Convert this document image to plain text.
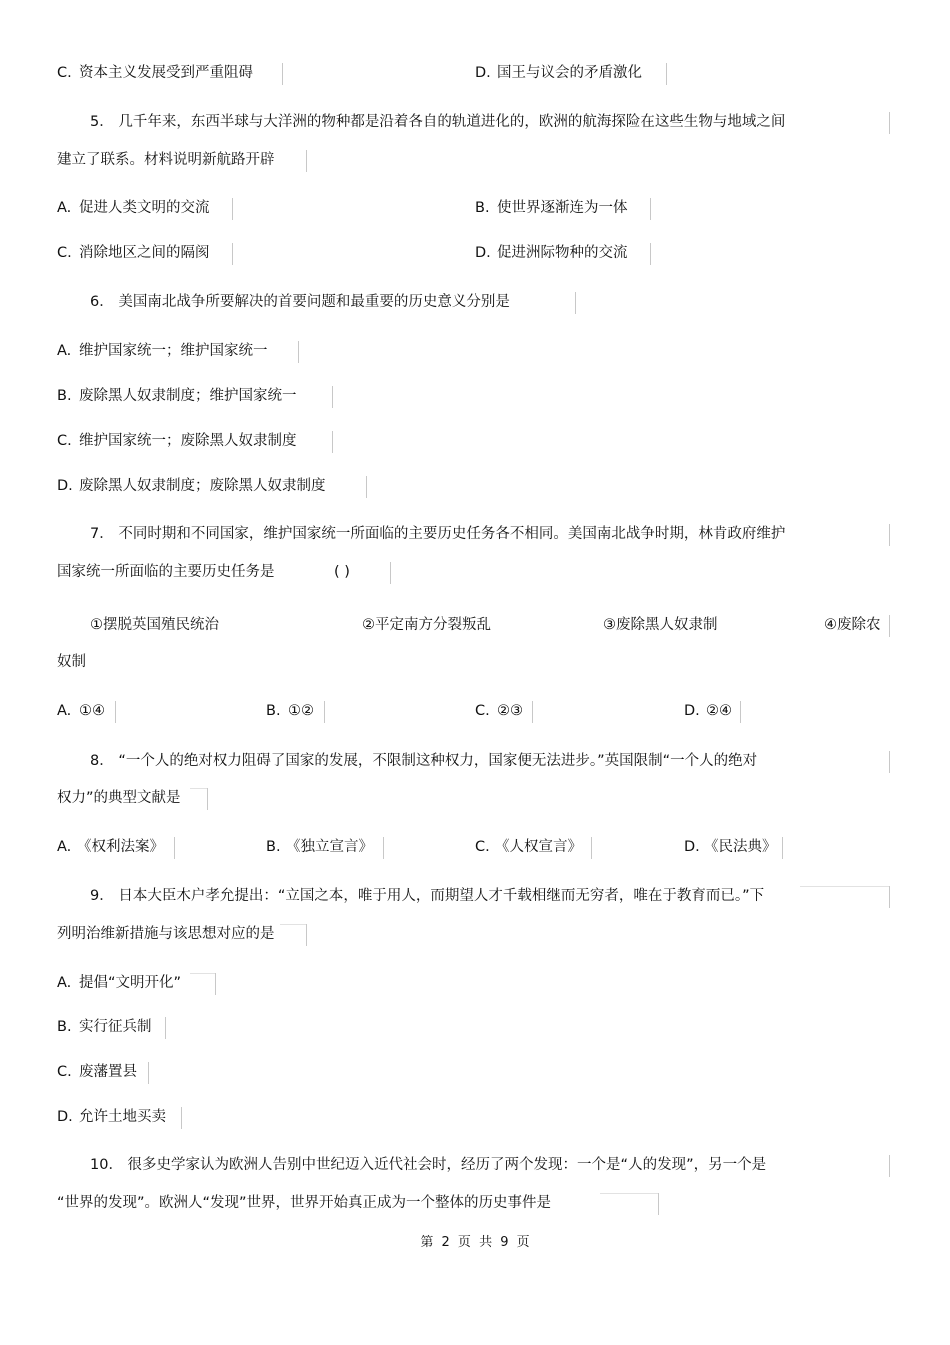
C. 资本主义发展受到严重阻碍	D. 国王与议会的矛盾激化
5． 几千年来，东西半球与大洋洲的物种都是沿着各自的轨道进化的，欧洲的航海探险在这些生物与地域之间
建立了联系。材料说明新航路开辟
A. 促进人类文明的交流	B. 使世界逐渐连为一体
C. 消除地区之间的隔阂	D. 促进洲际物种的交流
6． 美国南北战争所要解决的首要问题和最重要的历史意义分别是
A. 维护国家统一；维护国家统一
B. 废除黑人奴隶制度；维护国家统一
C. 维护国家统一；废除黑人奴隶制度
D. 废除黑人奴隶制度；废除黑人奴隶制度
7． 不同时期和不同国家，维护国家统一所面临的主要历史任务各不相同。美国南北战争时期，林肯政府维护
国家统一所面临的主要历史任务是	( )
①摆脱英国殖民统治	②平定南方分裂叛乱	③废除黑人奴隶制	④废除农
奴制
A. ①④	B. ①②	C. ②③	D. ②④
8． “一个人的绝对权力阻碍了国家的发展，不限制这种权力，国家便无法进步。”英国限制“一个人的绝对
权力”的典型文献是
A. 《权利法案》	B. 《独立宣言》	C. 《人权宣言》	D. 《民法典》
9． 日本大臣木户孝允提出：“立国之本，唯于用人，而期望人才千载相继而无穷者，唯在于教育而已。”下
列明治维新措施与该思想对应的是
A. 提倡“文明开化”
B. 实行征兵制
C. 废藩置县
D. 允许土地买卖
10． 很多史学家认为欧洲人告别中世纪迈入近代社会时，经历了两个发现：一个是“人的发现”，另一个是
“世界的发现”。欧洲人“发现”世界，世界开始真正成为一个整体的历史事件是
第 2 页 共 9 页
